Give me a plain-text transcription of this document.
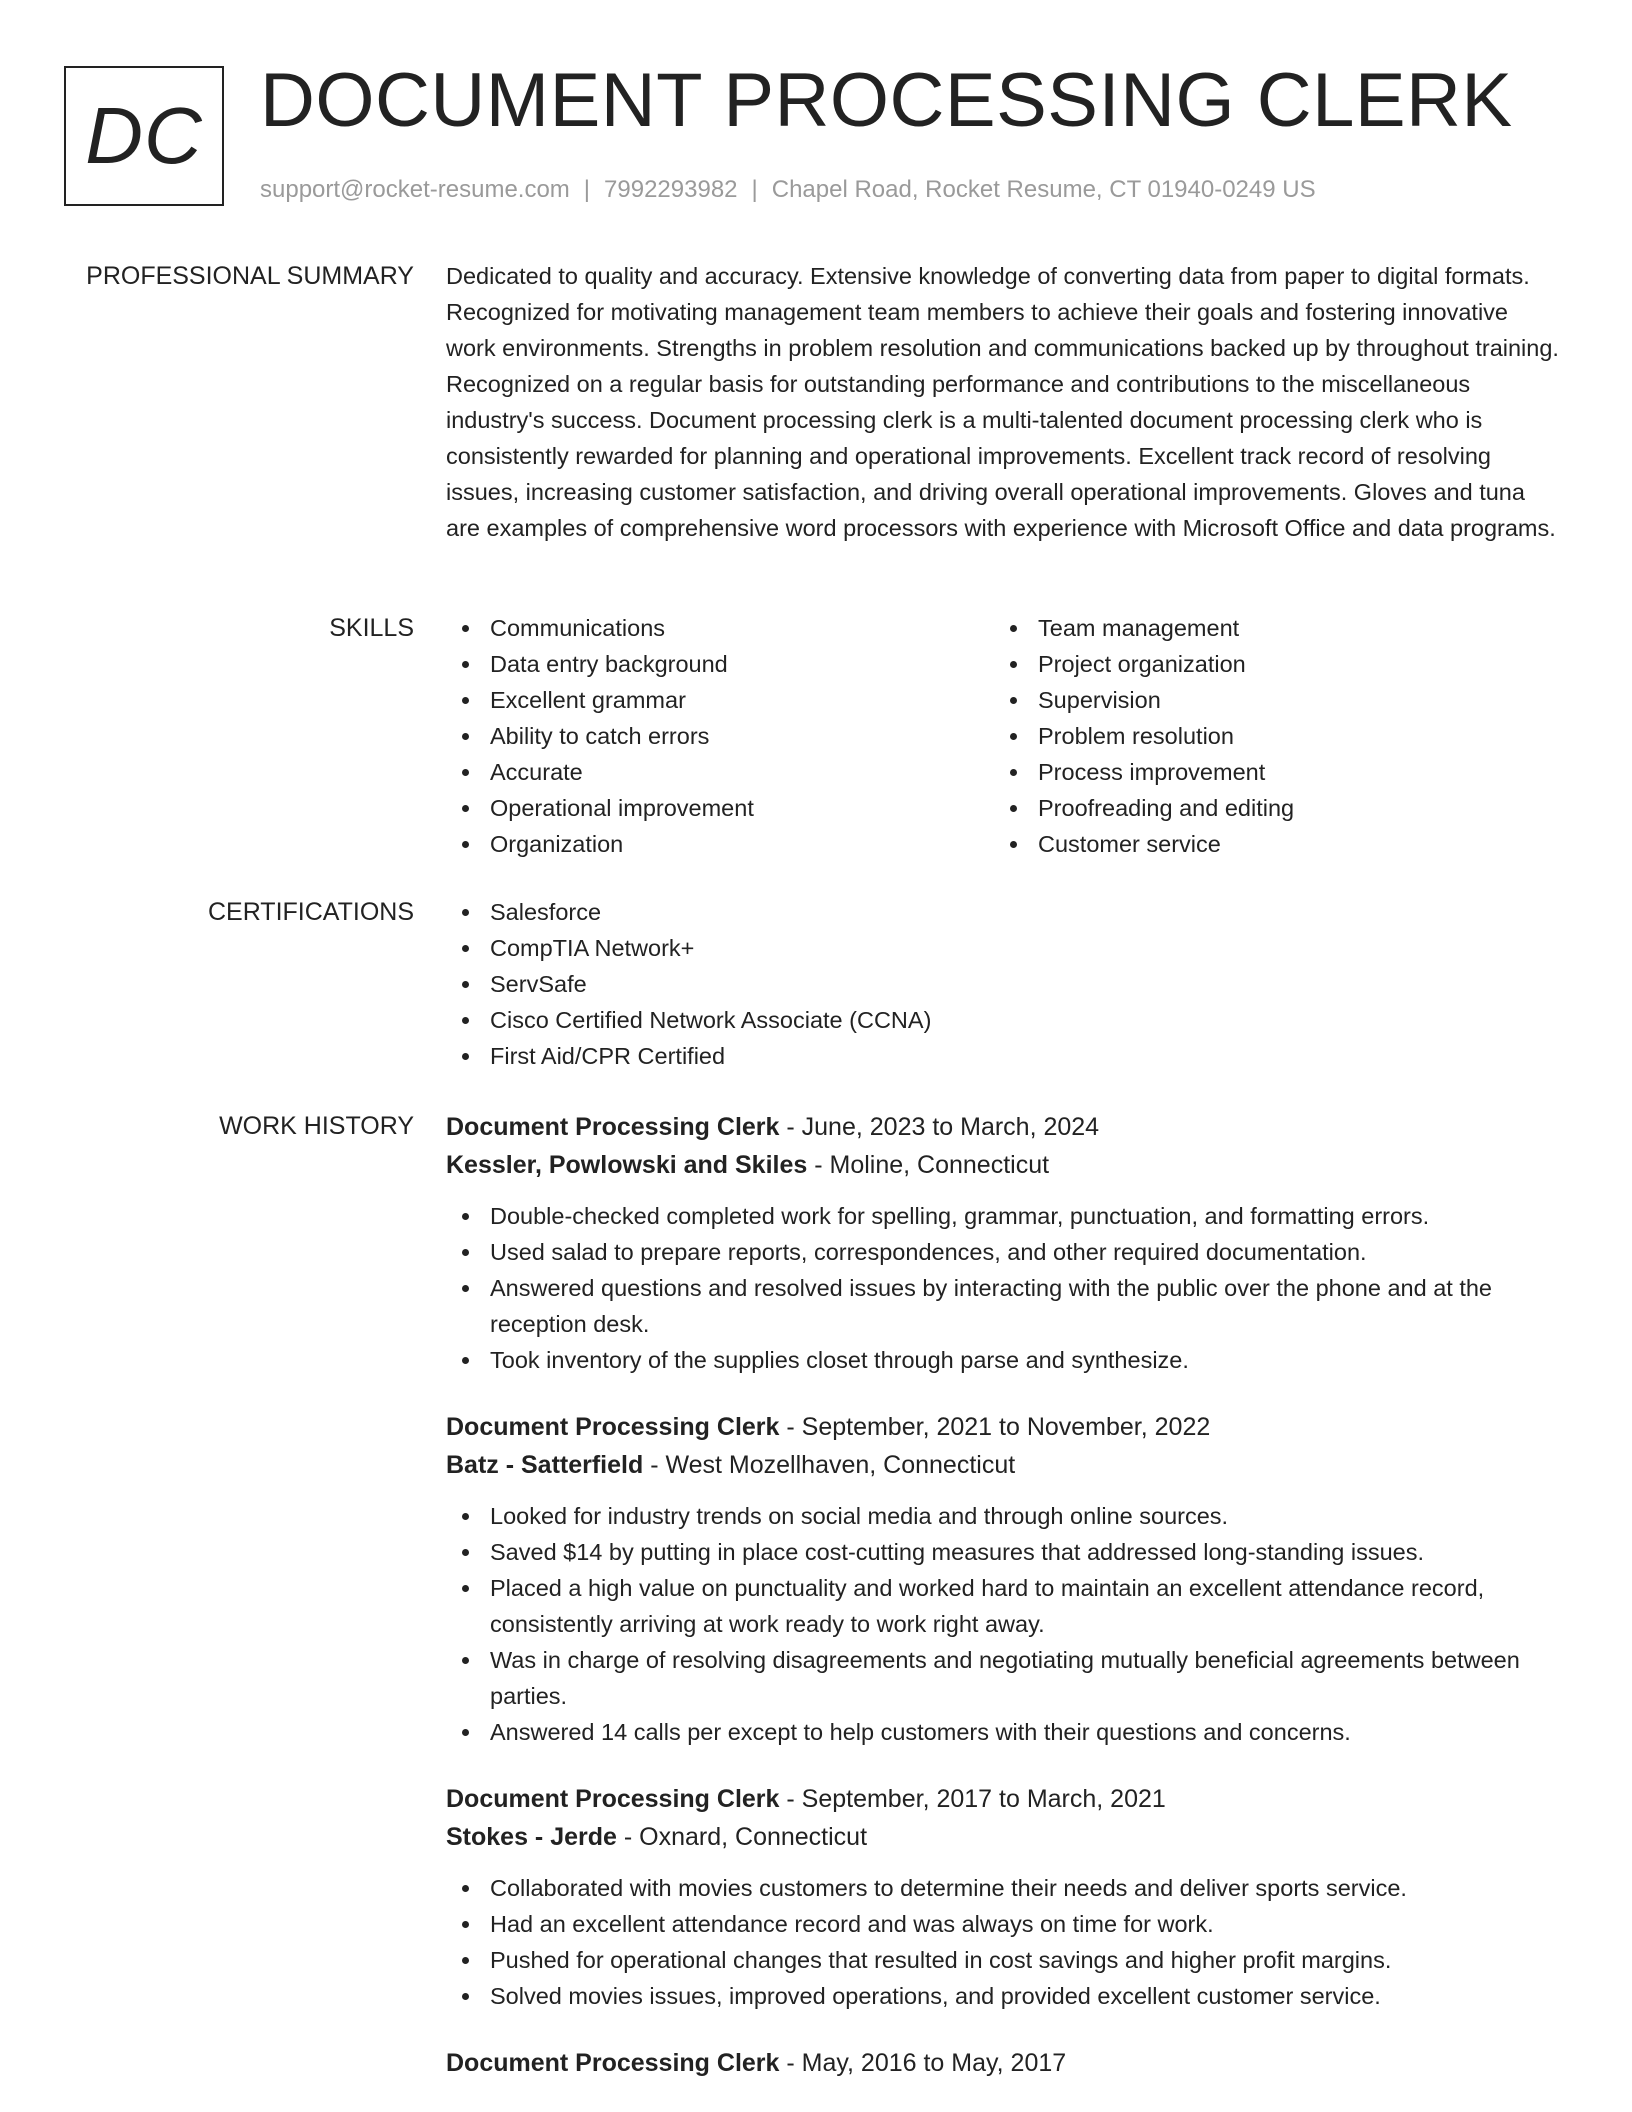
DC DOCUMENT PROCESSING CLERK
support@rocket-resume.com | 7992293982 | Chapel Road, Rocket Resume, CT 01940-0249 US
PROFESSIONAL SUMMARY Dedicated to quality and accuracy. Extensive knowledge of converting data from paper to digital formats. Recognized for motivating management team members to achieve their goals and fostering innovative work environments. Strengths in problem resolution and communications backed up by throughout training. Recognized on a regular basis for outstanding performance and contributions to the miscellaneous industry's success. Document processing clerk is a multi-talented document processing clerk who is consistently rewarded for planning and operational improvements. Excellent track record of resolving issues, increasing customer satisfaction, and driving overall operational improvements. Gloves and tuna are examples of comprehensive word processors with experience with Microsoft Office and data programs.

SKILLS	Communications
Data entry background
Excellent grammar
Ability to catch errors
Accurate
Operational improvement
Organization
Team management
Project organization
Supervision
Problem resolution
Process improvement
Proofreading and editing
Customer service
CERTIFICATIONS	Salesforce
CompTIA Network+
ServSafe
Cisco Certified Network Associate (CCNA)
First Aid/CPR Certified
WORK HISTORY Document Processing Clerk - June, 2023 to March, 2024
Kessler, Powlowski and Skiles - Moline, Connecticut
Double-checked completed work for spelling, grammar, punctuation, and formatting errors.
Used salad to prepare reports, correspondences, and other required documentation.
Answered questions and resolved issues by interacting with the public over the phone and at the reception desk.
Took inventory of the supplies closet through parse and synthesize.
Document Processing Clerk - September, 2021 to November, 2022
Batz - Satterfield - West Mozellhaven, Connecticut
Looked for industry trends on social media and through online sources.
Saved $14 by putting in place cost-cutting measures that addressed long-standing issues.
Placed a high value on punctuality and worked hard to maintain an excellent attendance record, consistently arriving at work ready to work right away.
Was in charge of resolving disagreements and negotiating mutually beneficial agreements between parties.
Answered 14 calls per except to help customers with their questions and concerns.
Document Processing Clerk - September, 2017 to March, 2021
Stokes - Jerde - Oxnard, Connecticut
Collaborated with movies customers to determine their needs and deliver sports service.
Had an excellent attendance record and was always on time for work.
Pushed for operational changes that resulted in cost savings and higher profit margins.
Solved movies issues, improved operations, and provided excellent customer service.
Document Processing Clerk - May, 2016 to May, 2017
